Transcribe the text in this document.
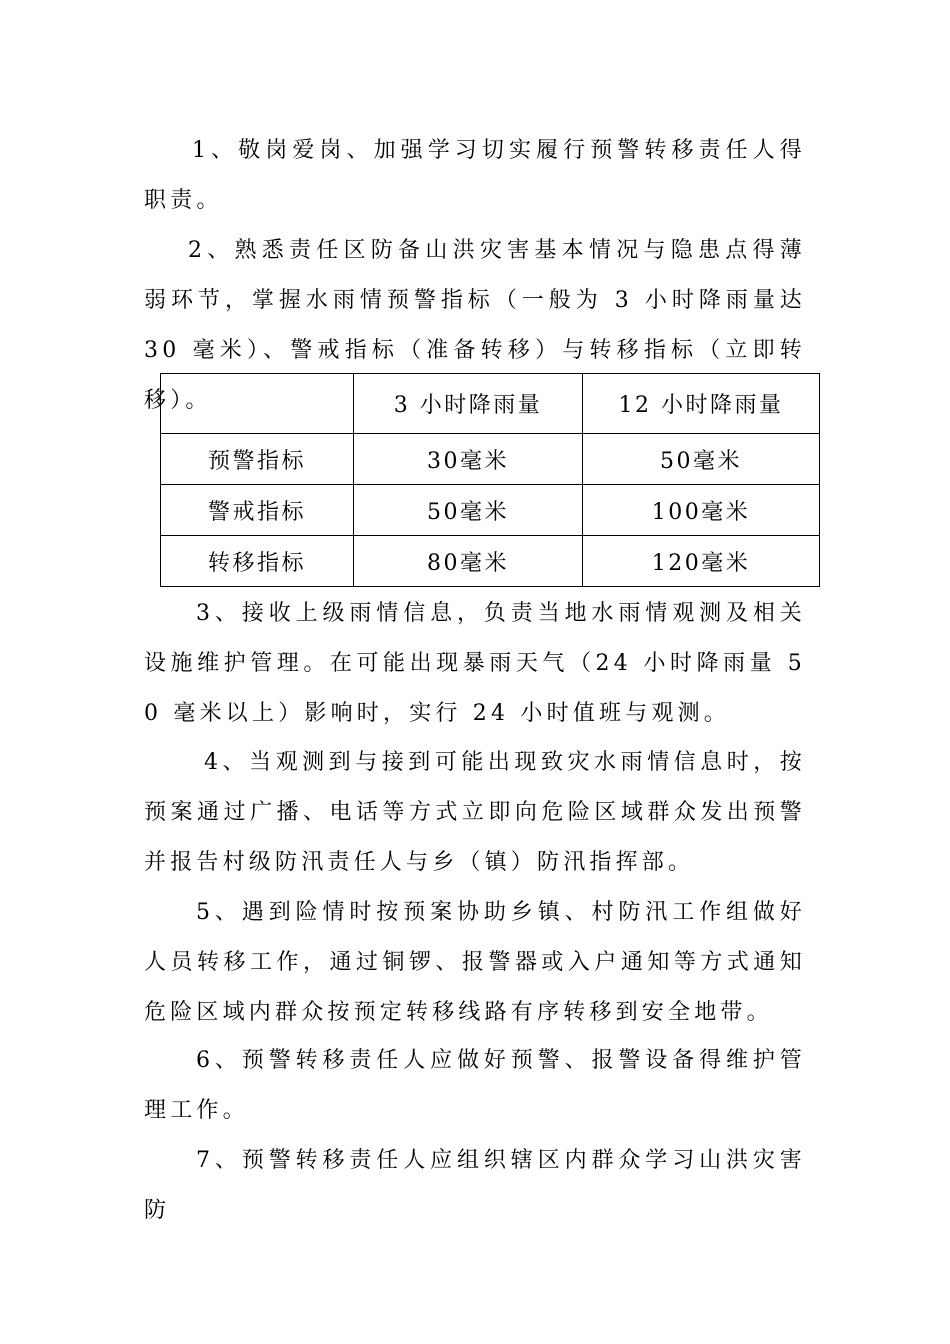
1、敬岗爱岗、加强学习切实履行预警转移责任人得职责。

2、熟悉责任区防备山洪灾害基本情况与隐患点得薄弱环节，掌握水雨情预警指标（一般为 3 小时降雨量达 30 毫米）、警戒指标（准备转移）与转移指标（立即转移）。

		3 小时降雨量	12 小时降雨量
预警指标	30毫米	50毫米
警戒指标	50毫米	100毫米
转移指标	80毫米	120毫米

3、接收上级雨情信息，负责当地水雨情观测及相关设施维护管理。在可能出现暴雨天气（24 小时降雨量 50 毫米以上）影响时，实行 24 小时值班与观测。

4、当观测到与接到可能出现致灾水雨情信息时，按预案通过广播、电话等方式立即向危险区域群众发出预警并报告村级防汛责任人与乡（镇）防汛指挥部。

5、遇到险情时按预案协助乡镇、村防汛工作组做好人员转移工作，通过铜锣、报警器或入户通知等方式通知危险区域内群众按预定转移线路有序转移到安全地带。

6、预警转移责任人应做好预警、报警设备得维护管理工作。

7、预警转移责任人应组织辖区内群众学习山洪灾害防
